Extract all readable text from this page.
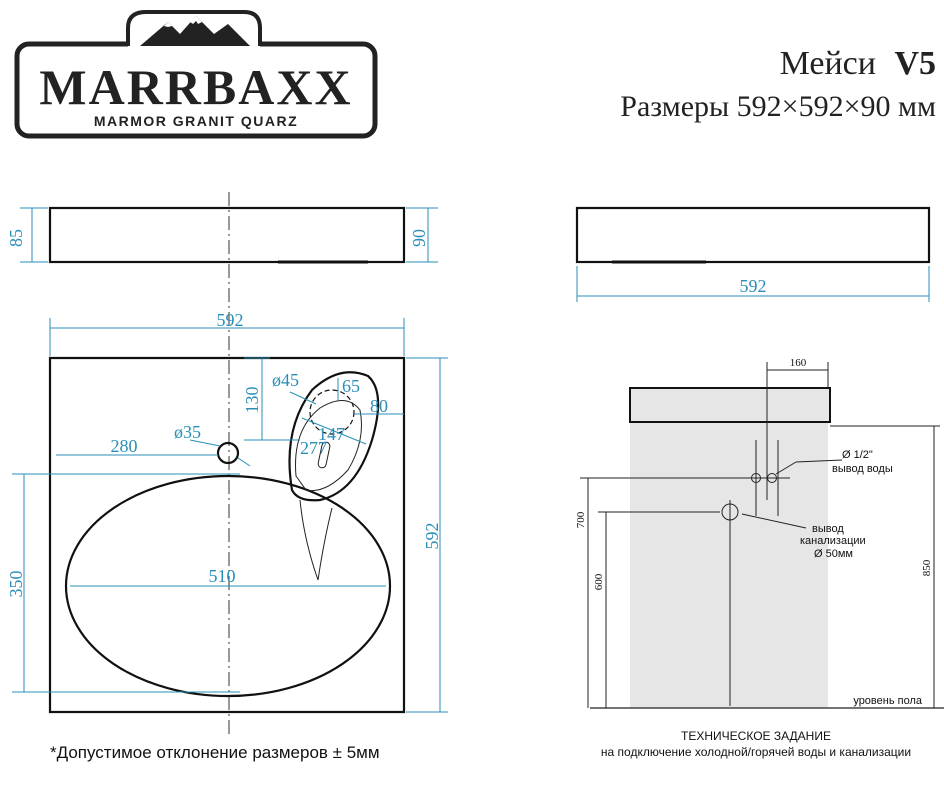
MARRBAXX
MARMOR GRANIT QUARZ
Мейси V5
Размеры 592×592×90 мм
85	90
592
510
350
592
280
ø35
130
ø45 65
80
147
277
592
уровень пола
160
Ø 1/2"
вывод воды
вывод
канализации
Ø 50мм
700
600
850
ТЕХНИЧЕСКОЕ ЗАДАНИЕ
на подключение холодной/горячей воды и канализации
*Допустимое отклонение размеров ± 5мм
